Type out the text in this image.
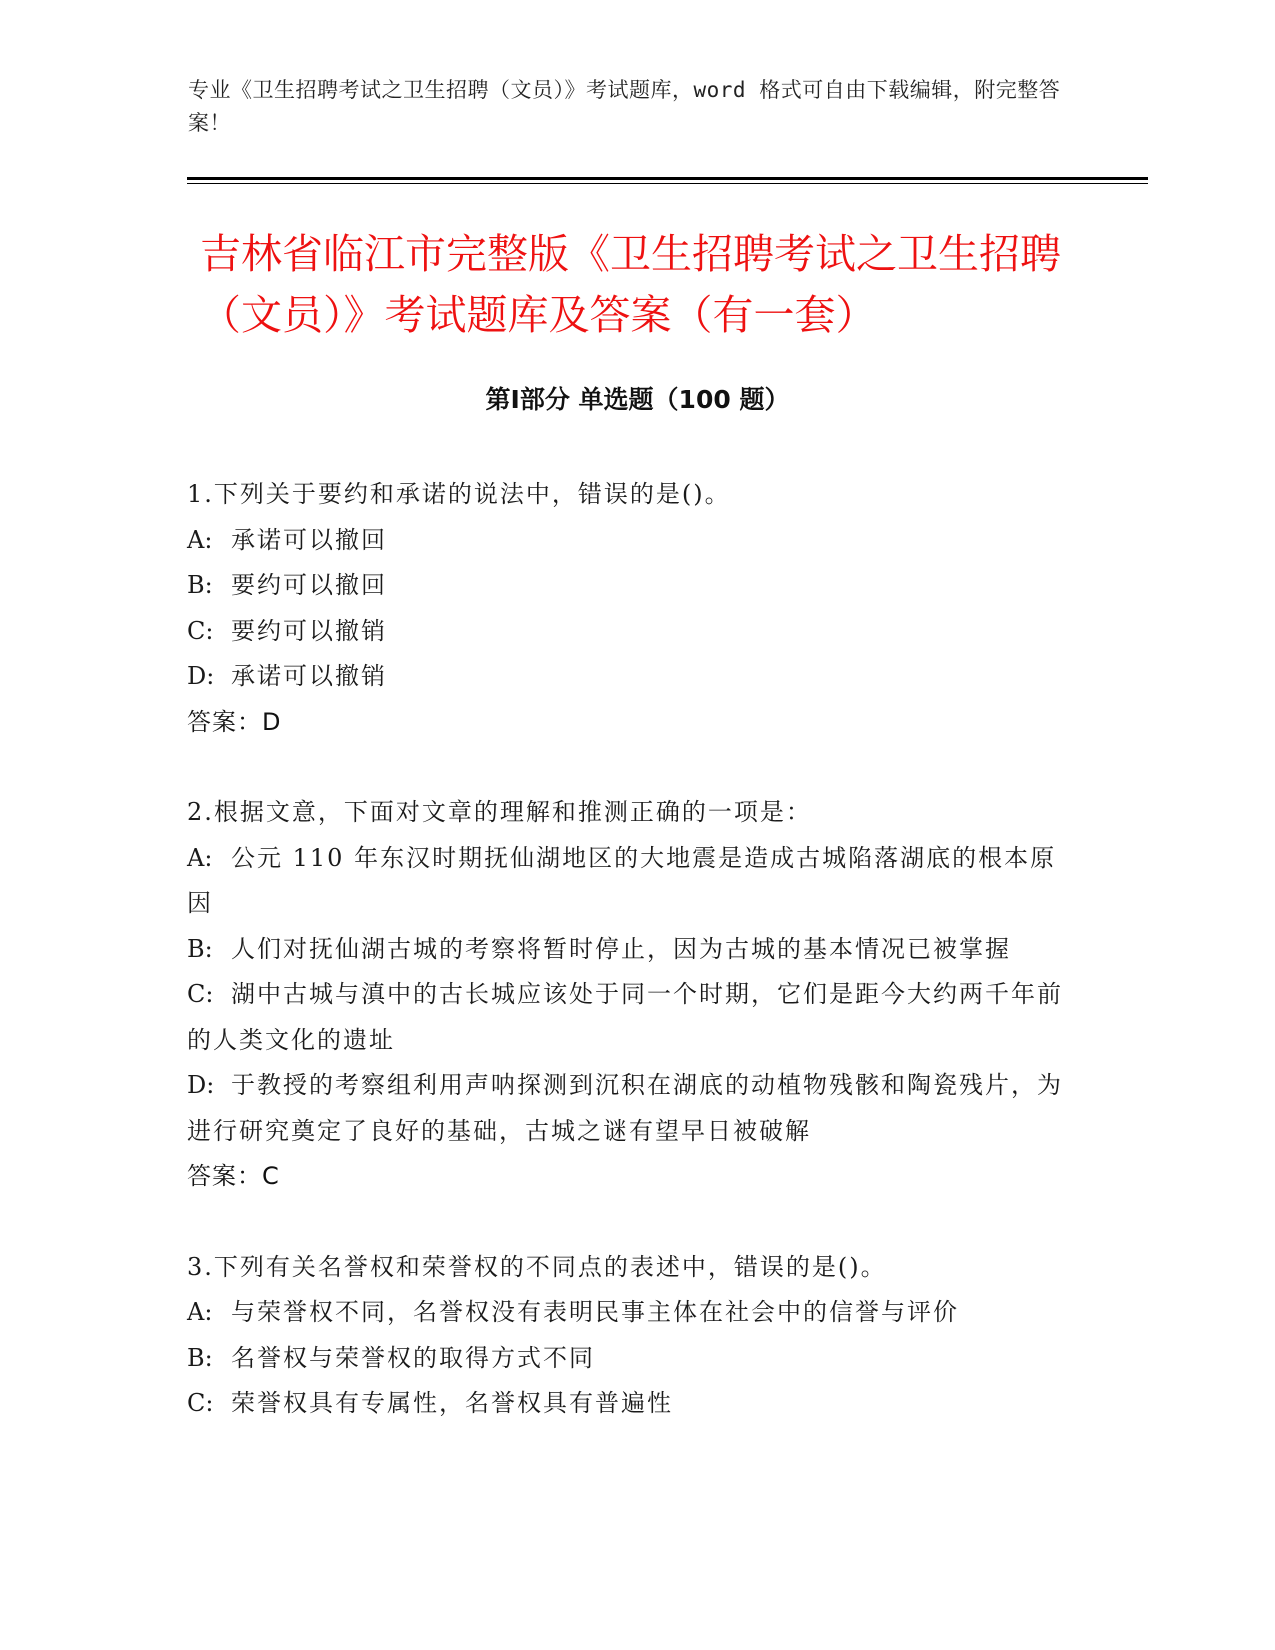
专业《卫生招聘考试之卫生招聘（文员）》考试题库，word 格式可自由下载编辑，附完整答案！
吉林省临江市完整版《卫生招聘考试之卫生招聘（文员）》考试题库及答案（有一套）
第Ⅰ部分 单选题（100 题）
1.下列关于要约和承诺的说法中，错误的是()。
A: 承诺可以撤回
B: 要约可以撤回
C: 要约可以撤销
D: 承诺可以撤销
答案：D
2.根据文意，下面对文章的理解和推测正确的一项是：
A: 公元 110 年东汉时期抚仙湖地区的大地震是造成古城陷落湖底的根本原因
B: 人们对抚仙湖古城的考察将暂时停止，因为古城的基本情况已被掌握
C: 湖中古城与滇中的古长城应该处于同一个时期，它们是距今大约两千年前的人类文化的遗址
D: 于教授的考察组利用声呐探测到沉积在湖底的动植物残骸和陶瓷残片，为进行研究奠定了良好的基础，古城之谜有望早日被破解
答案：C
3.下列有关名誉权和荣誉权的不同点的表述中，错误的是()。
A: 与荣誉权不同，名誉权没有表明民事主体在社会中的信誉与评价
B: 名誉权与荣誉权的取得方式不同
C: 荣誉权具有专属性，名誉权具有普遍性
